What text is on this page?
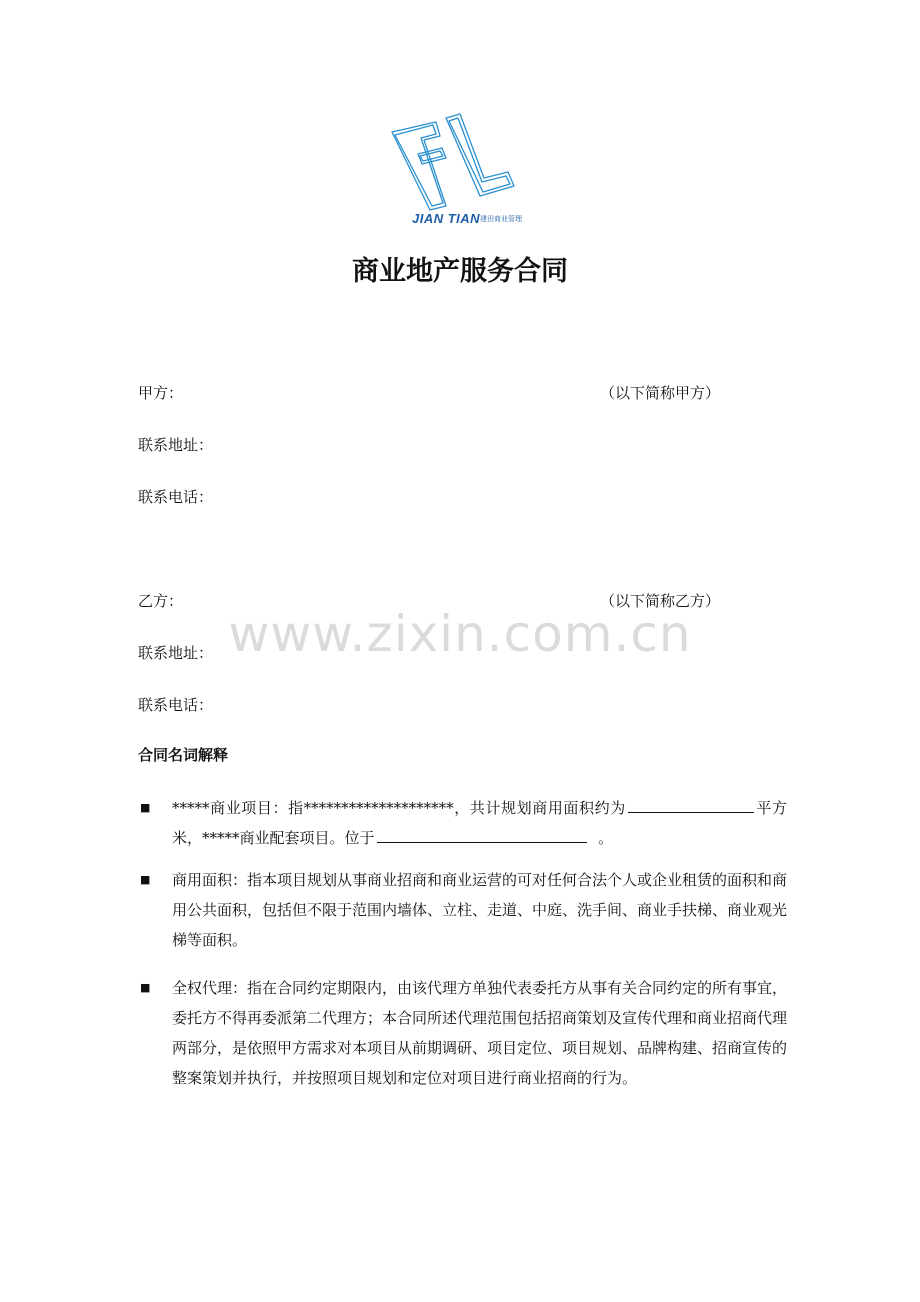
JIAN TIAN 建田商业管理
商业地产服务合同
甲方：	（以下简称甲方）
联系地址：
联系电话：
乙方：	（以下简称乙方）
联系地址：
联系电话：
www.zixin.com.cn
合同名词解释
■ *****商业项目：指********************，共计规划商用面积约为	平方米，*****商业配套项目。位于	。
■ 商用面积：指本项目规划从事商业招商和商业运营的可对任何合法个人或企业租赁的面积和商用公共面积，包括但不限于范围内墙体、立柱、走道、中庭、洗手间、商业手扶梯、商业观光梯等面积。
■ 全权代理：指在合同约定期限内，由该代理方单独代表委托方从事有关合同约定的所有事宜，委托方不得再委派第二代理方；本合同所述代理范围包括招商策划及宣传代理和商业招商代理两部分，是依照甲方需求对本项目从前期调研、项目定位、项目规划、品牌构建、招商宣传的整案策划并执行，并按照项目规划和定位对项目进行商业招商的行为。
